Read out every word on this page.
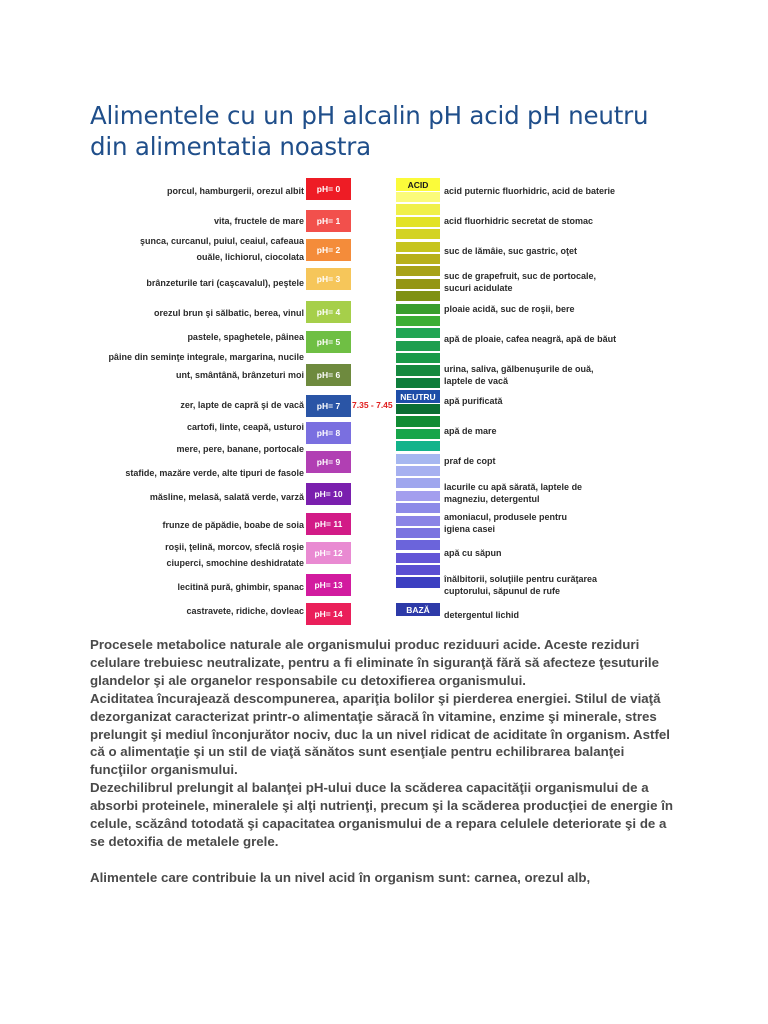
Alimentele cu un pH alcalin pH acid pH neutru din alimentatia noastra
porcul, hamburgerii, orezul albit
vita, fructele de mare
şunca, curcanul, puiul, ceaiul, cafeaua
ouăle, lichiorul, ciocolata
brânzeturile tari (caşcavalul), peştele
orezul brun şi sălbatic, berea, vinul
pastele, spaghetele, pâinea
pâine din seminţe integrale, margarina, nucile
unt, smântână, brânzeturi moi
zer, lapte de capră şi de vacă
cartofi, linte, ceapă, usturoi
mere, pere, banane, portocale
stafide, mazăre verde, alte tipuri de fasole
măsline, melasă, salată verde, varză
frunze de păpădie, boabe de soia
roşii, ţelină, morcov, sfeclă roşie
ciuperci, smochine deshidratate
lecitină pură, ghimbir, spanac
castravete, ridiche, dovleac
pH= 0
pH= 1
pH= 2
pH= 3
pH= 4
pH= 5
pH= 6
pH= 7
pH= 8
pH= 9
pH= 10
pH= 11
pH= 12
pH= 13
pH= 14
7.35 - 7.45
ACID
NEUTRU
BAZĂ
acid puternic fluorhidric, acid de baterie
acid fluorhidric secretat de stomac
suc de lămâie, suc gastric, oţet
suc de grapefruit, suc de portocale,
sucuri acidulate
ploaie acidă, suc de roşii, bere
apă de ploaie, cafea neagră, apă de băut
urina, saliva, gălbenuşurile de ouă,
laptele de vacă
apă purificată
apă de mare
praf de copt
lacurile cu apă sărată, laptele de
magneziu, detergentul
amoniacul, produsele pentru
igiena casei
apă cu săpun
înălbitorii, soluţiile pentru curăţarea
cuptorului, săpunul de rufe
detergentul lichid

Procesele metabolice naturale ale organismului produc reziduuri acide. Aceste reziduri celulare trebuiesc neutralizate, pentru a fi eliminate în siguranţă fără să afecteze ţesuturile glandelor şi ale organelor responsabile cu detoxifierea organismului.

Aciditatea încurajează descompunerea, apariţia bolilor şi pierderea energiei. Stilul de viaţă dezorganizat caracterizat printr-o alimentaţie săracă în vitamine, enzime şi minerale, stres prelungit şi mediul înconjurător nociv, duc la un nivel ridicat de aciditate în organism. Astfel că o alimentaţie şi un stil de viaţă sănătos sunt esenţiale pentru echilibrarea balanţei funcţiilor organismului.

Dezechilibrul prelungit al balanţei pH-ului duce la scăderea capacităţii organismului de a absorbi proteinele, mineralele şi alţi nutrienţi, precum şi la scăderea producţiei de energie în celule, scăzând totodată şi capacitatea organismului de a repara celulele deteriorate şi de a se detoxifia de metalele grele.

Alimentele care contribuie la un nivel acid în organism sunt: carnea, orezul alb,
